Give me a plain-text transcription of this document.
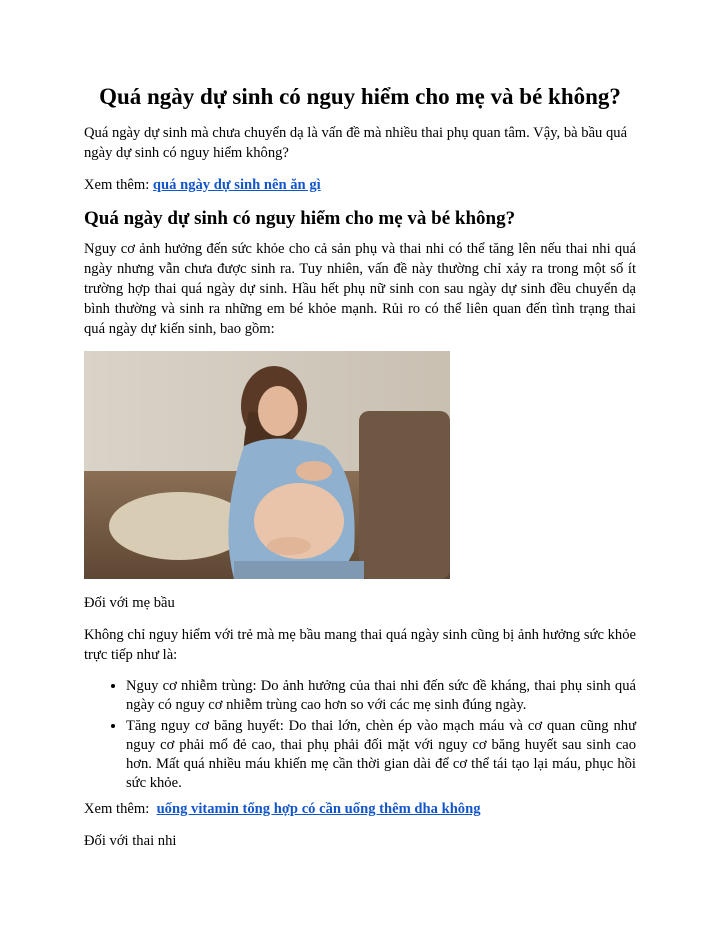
Quá ngày dự sinh có nguy hiểm cho mẹ và bé không?

Quá ngày dự sinh mà chưa chuyển dạ là vấn đề mà nhiều thai phụ quan tâm. Vậy, bà bầu quá ngày dự sinh có nguy hiểm không?

Xem thêm: quá ngày dự sinh nên ăn gì

Quá ngày dự sinh có nguy hiểm cho mẹ và bé không?

Nguy cơ ảnh hưởng đến sức khỏe cho cả sản phụ và thai nhi có thể tăng lên nếu thai nhi quá ngày nhưng vẫn chưa được sinh ra. Tuy nhiên, vấn đề này thường chỉ xảy ra trong một số ít trường hợp thai quá ngày dự sinh. Hầu hết phụ nữ sinh con sau ngày dự sinh đều chuyển dạ bình thường và sinh ra những em bé khỏe mạnh. Rủi ro có thể liên quan đến tình trạng thai quá ngày dự kiến sinh, bao gồm:

Đối với mẹ bầu

Không chỉ nguy hiểm với trẻ mà mẹ bầu mang thai quá ngày sinh cũng bị ảnh hưởng sức khỏe trực tiếp như là:

• Nguy cơ nhiễm trùng: Do ảnh hưởng của thai nhi đến sức đề kháng, thai phụ sinh quá ngày có nguy cơ nhiễm trùng cao hơn so với các mẹ sinh đúng ngày.
• Tăng nguy cơ băng huyết: Do thai lớn, chèn ép vào mạch máu và cơ quan cũng như nguy cơ phải mổ đẻ cao, thai phụ phải đối mặt với nguy cơ băng huyết sau sinh cao hơn. Mất quá nhiều máu khiến mẹ cần thời gian dài để cơ thể tái tạo lại máu, phục hồi sức khỏe.

Xem thêm: uống vitamin tổng hợp có cần uống thêm dha không

Đối với thai nhi
